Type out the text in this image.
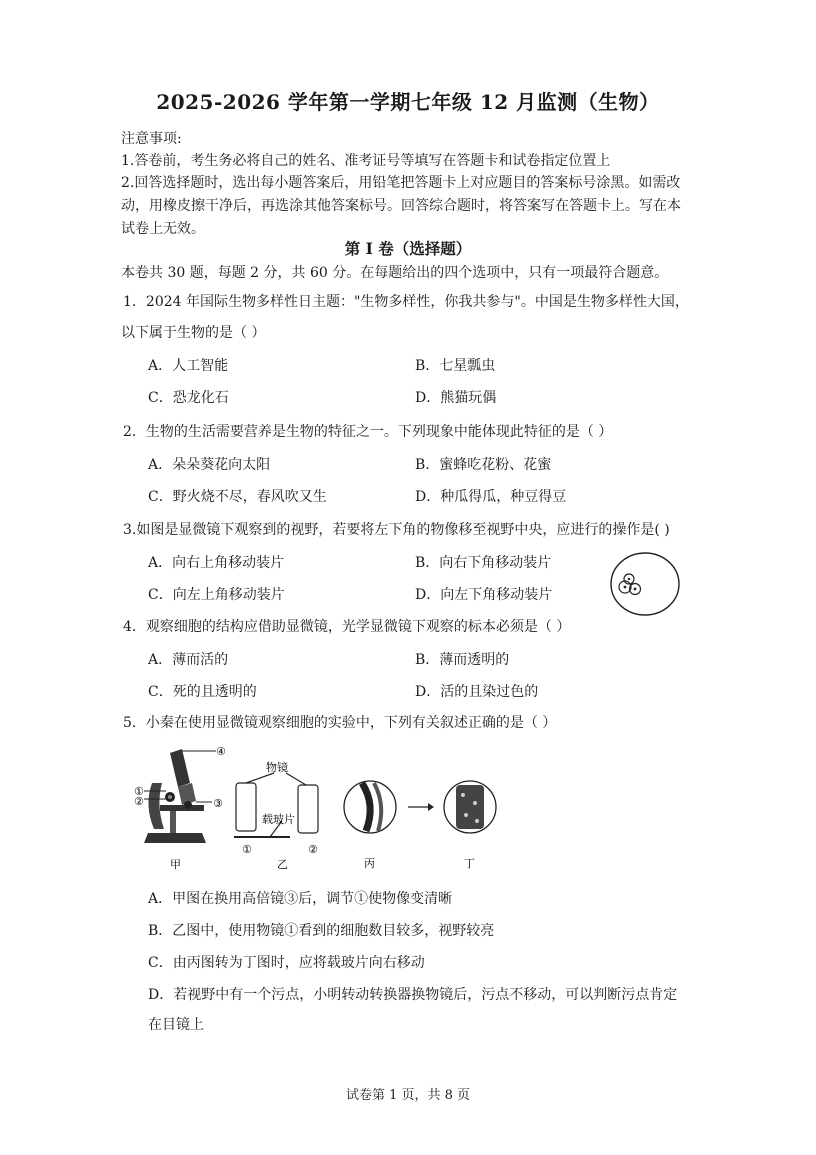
2025-2026 学年第一学期七年级 12 月监测（生物）
注意事项:
1.答卷前，考生务必将自己的姓名、准考证号等填写在答题卡和试卷指定位置上
2.回答选择题时，选出每小题答案后，用铅笔把答题卡上对应题目的答案标号涂黑。如需改
动，用橡皮擦干净后，再选涂其他答案标号。回答综合题时，将答案写在答题卡上。写在本
试卷上无效。
第 I 卷（选择题）
本卷共 30 题，每题 2 分，共 60 分。在每题给出的四个选项中，只有一项最符合题意。
1．2024 年国际生物多样性日主题："生物多样性，你我共参与"。中国是生物多样性大国，
以下属于生物的是（ ）
A．人工智能	B．七星瓢虫
C．恐龙化石	D．熊猫玩偶
2．生物的生活需要营养是生物的特征之一。下列现象中能体现此特征的是（ ）
A．朵朵葵花向太阳	B．蜜蜂吃花粉、花蜜
C．野火烧不尽，春风吹又生	D．种瓜得瓜，种豆得豆
3.如图是显微镜下观察到的视野，若要将左下角的物像移至视野中央，应进行的操作是( )
A．向右上角移动装片	B．向右下角移动装片
C．向左上角移动装片	D．向左下角移动装片
4．观察细胞的结构应借助显微镜，光学显微镜下观察的标本必须是（ ）
A．薄而活的	B．薄而透明的
C．死的且透明的	D．活的且染过色的
5．小秦在使用显微镜观察细胞的实验中，下列有关叙述正确的是（ ）
④
①
②	③
甲
物镜
载玻片
①	②
乙	丙	丁
A．甲图在换用高倍镜③后，调节①使物像变清晰
B．乙图中，使用物镜①看到的细胞数目较多，视野较亮
C．由丙图转为丁图时，应将载玻片向右移动
D．若视野中有一个污点，小明转动转换器换物镜后，污点不移动，可以判断污点肯定
在目镜上
试卷第 1 页，共 8 页
